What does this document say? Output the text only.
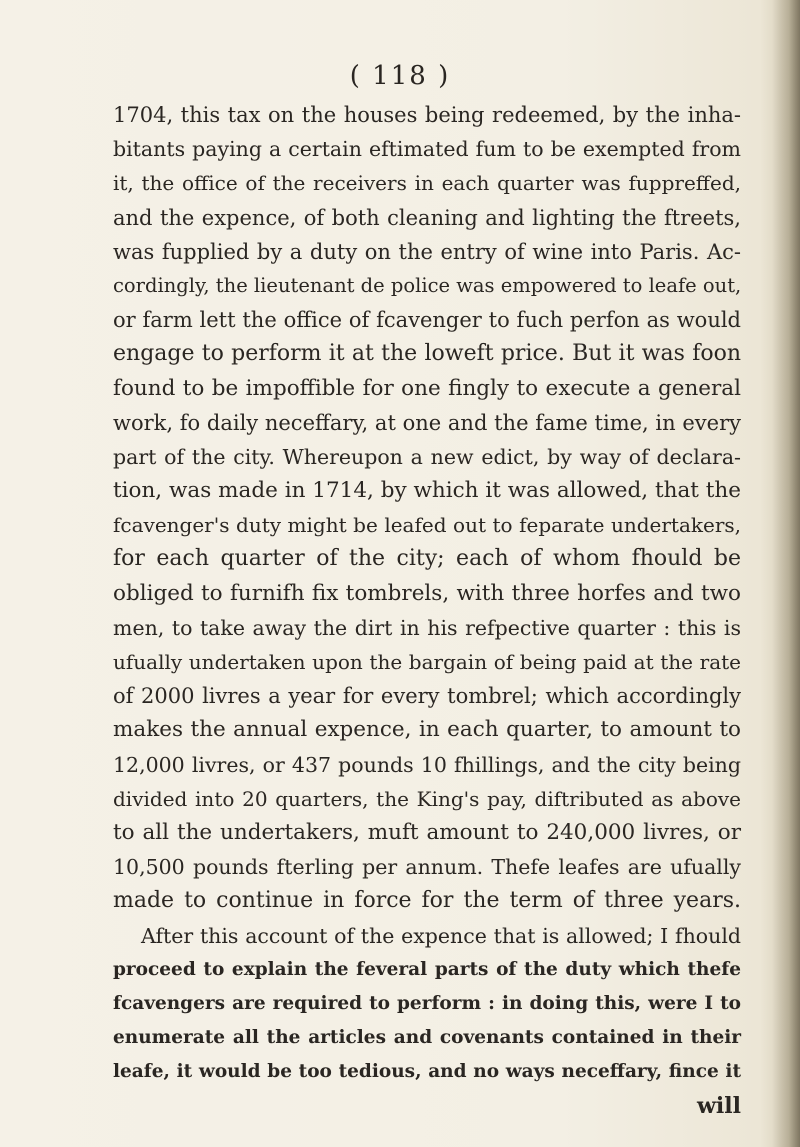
( 118 )
1704, this tax on the houses being redeemed, by the inha-
bitants paying a certain eftimated fum to be exempted from
it, the office of the receivers in each quarter was fuppreffed,
and the expence, of both cleaning and lighting the ftreets,
was fupplied by a duty on the entry of wine into Paris. Ac-
cordingly, the lieutenant de police was empowered to leafe out,
or farm lett the office of fcavenger to fuch perfon as would
engage to perform it at the loweft price. But it was foon
found to be impoffible for one fingly to execute a general
work, fo daily neceffary, at one and the fame time, in every
part of the city. Whereupon a new edict, by way of declara-
tion, was made in 1714, by which it was allowed, that the
fcavenger's duty might be leafed out to feparate undertakers,
for each quarter of the city; each of whom fhould be
obliged to furnifh fix tombrels, with three horfes and two
men, to take away the dirt in his refpective quarter : this is
ufually undertaken upon the bargain of being paid at the rate
of 2000 livres a year for every tombrel; which accordingly
makes the annual expence, in each quarter, to amount to
12,000 livres, or 437 pounds 10 fhillings, and the city being
divided into 20 quarters, the King's pay, diftributed as above
to all the undertakers, muft amount to 240,000 livres, or
10,500 pounds fterling per annum. Thefe leafes are ufually
made to continue in force for the term of three years.
After this account of the expence that is allowed; I fhould
proceed to explain the feveral parts of the duty which thefe
fcavengers are required to perform : in doing this, were I to
enumerate all the articles and covenants contained in their
leafe, it would be too tedious, and no ways neceffary, fince it
will
